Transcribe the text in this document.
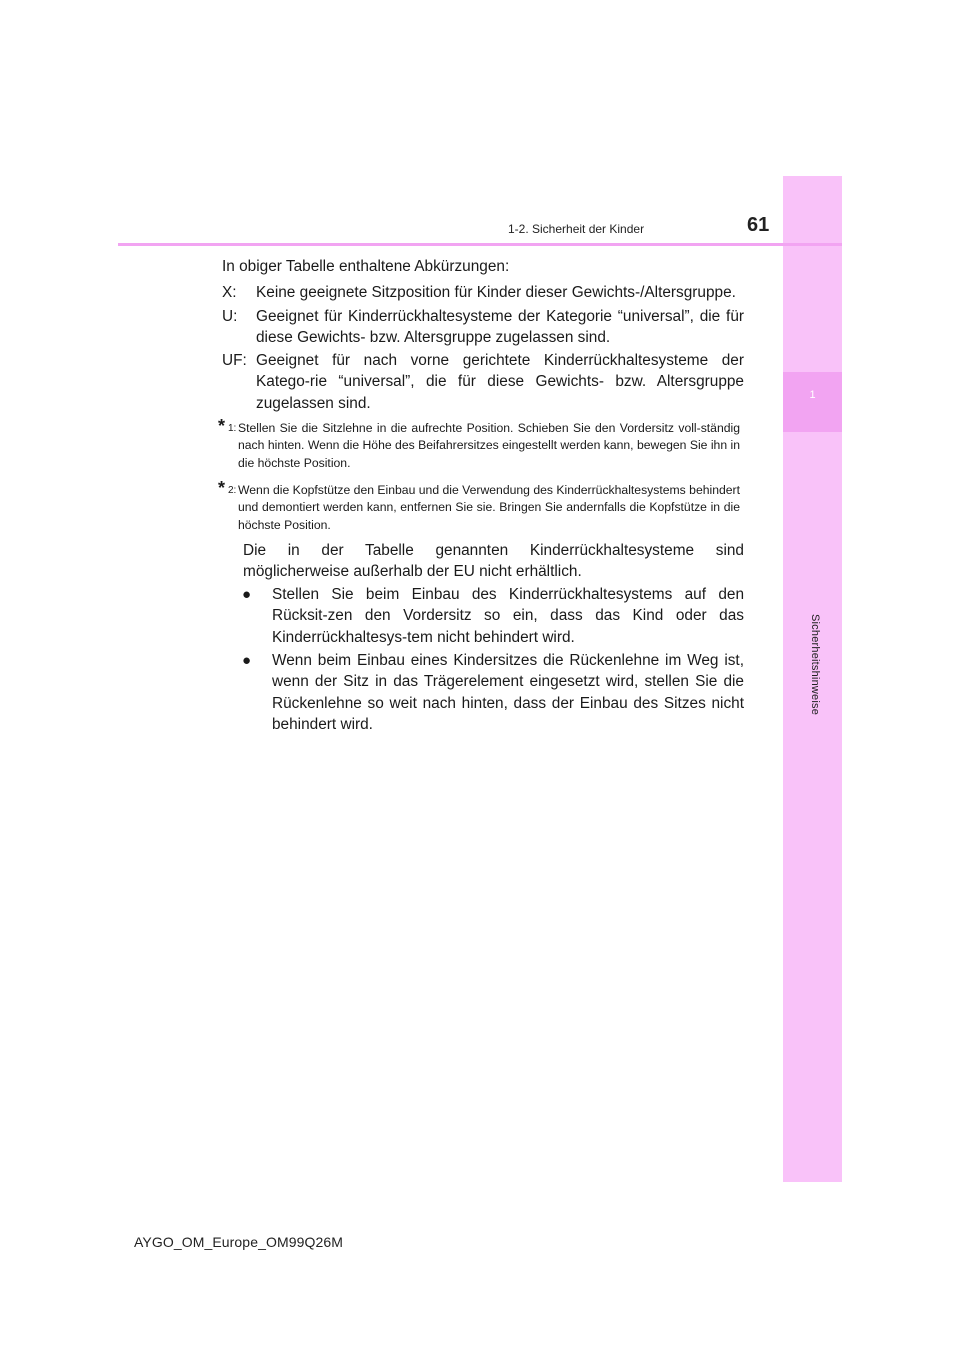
1
Sicherheitshinweise
1-2. Sicherheit der Kinder	61
In obiger Tabelle enthaltene Abkürzungen:
X: Keine geeignete Sitzposition für Kinder dieser Gewichts-/Altersgruppe.
U: Geeignet für Kinderrückhaltesysteme der Kategorie “universal”, die für diese Gewichts- bzw. Altersgruppe zugelassen sind.
UF: Geeignet für nach vorne gerichtete Kinderrückhaltesysteme der Katego-rie “universal”, die für diese Gewichts- bzw. Altersgruppe zugelassen sind.
* 1: Stellen Sie die Sitzlehne in die aufrechte Position. Schieben Sie den Vordersitz voll-ständig nach hinten. Wenn die Höhe des Beifahrersitzes eingestellt werden kann, bewegen Sie ihn in die höchste Position.
* 2: Wenn die Kopfstütze den Einbau und die Verwendung des Kinderrückhaltesystems behindert und demontiert werden kann, entfernen Sie sie. Bringen Sie andernfalls die Kopfstütze in die höchste Position.
Die in der Tabelle genannten Kinderrückhaltesysteme sind möglicherweise außerhalb der EU nicht erhältlich.
● Stellen Sie beim Einbau des Kinderrückhaltesystems auf den Rücksit-zen den Vordersitz so ein, dass das Kind oder das Kinderrückhaltesys-tem nicht behindert wird.
● Wenn beim Einbau eines Kindersitzes die Rückenlehne im Weg ist, wenn der Sitz in das Trägerelement eingesetzt wird, stellen Sie die Rückenlehne so weit nach hinten, dass der Einbau des Sitzes nicht behindert wird.
AYGO_OM_Europe_OM99Q26M
